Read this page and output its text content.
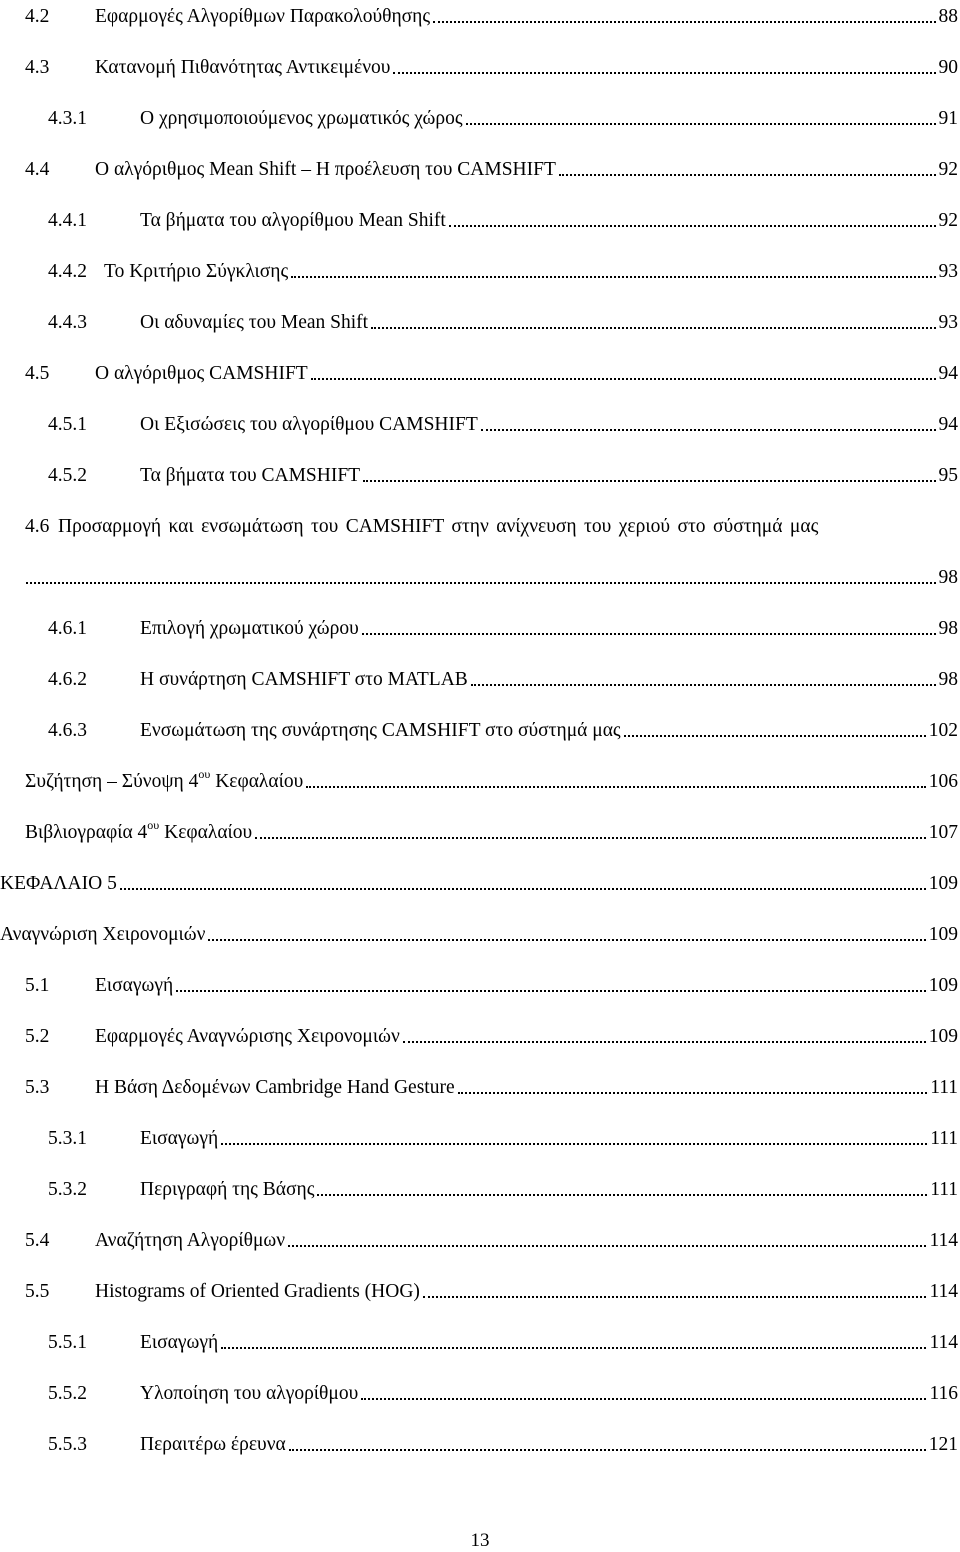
4.2	Εφαρμογές Αλγορίθμων Παρακολούθησης	88
4.3	Κατανομή Πιθανότητας Αντικειμένου	90
4.3.1	Ο χρησιμοποιούμενος χρωματικός χώρος	91
4.4	Ο αλγόριθμος Mean Shift – Η προέλευση του CAMSHIFT	92
4.4.1	Τα βήματα του αλγορίθμου Mean Shift	92
4.4.2 Το Κριτήριο Σύγκλισης	93
4.4.3	Οι αδυναμίες του Mean Shift	93
4.5	Ο αλγόριθμος CAMSHIFT	94
4.5.1	Οι Εξισώσεις του αλγορίθμου CAMSHIFT	94
4.5.2	Τα βήματα του CAMSHIFT	95
4.6 Προσαρμογή και ενσωμάτωση του CAMSHIFT στην ανίχνευση του χεριού στο σύστημά μας
98
4.6.1	Επιλογή χρωματικού χώρου	98
4.6.2	Η συνάρτηση CAMSHIFT στο MATLAB	98
4.6.3	Ενσωμάτωση της συνάρτησης CAMSHIFT στο σύστημά μας	102
Συζήτηση – Σύνοψη $4^{o\upsilon}$ Κεφαλαίου	106
Βιβλιογραφία $4^{o\upsilon}$ Κεφαλαίου	107
ΚΕΦΑΛΑΙΟ 5	109
Αναγνώριση Χειρονομιών	109
5.1	Εισαγωγή	109
5.2	Εφαρμογές Αναγνώρισης Χειρονομιών	109
5.3	Η Βάση Δεδομένων Cambridge Hand Gesture	111
5.3.1	Εισαγωγή	111
5.3.2	Περιγραφή της Βάσης	111
5.4	Αναζήτηση Αλγορίθμων	114
5.5	Histograms of Oriented Gradients (HOG)	114
5.5.1	Εισαγωγή	114
5.5.2	Υλοποίηση του αλγορίθμου	116
5.5.3	Περαιτέρω έρευνα	121
13
